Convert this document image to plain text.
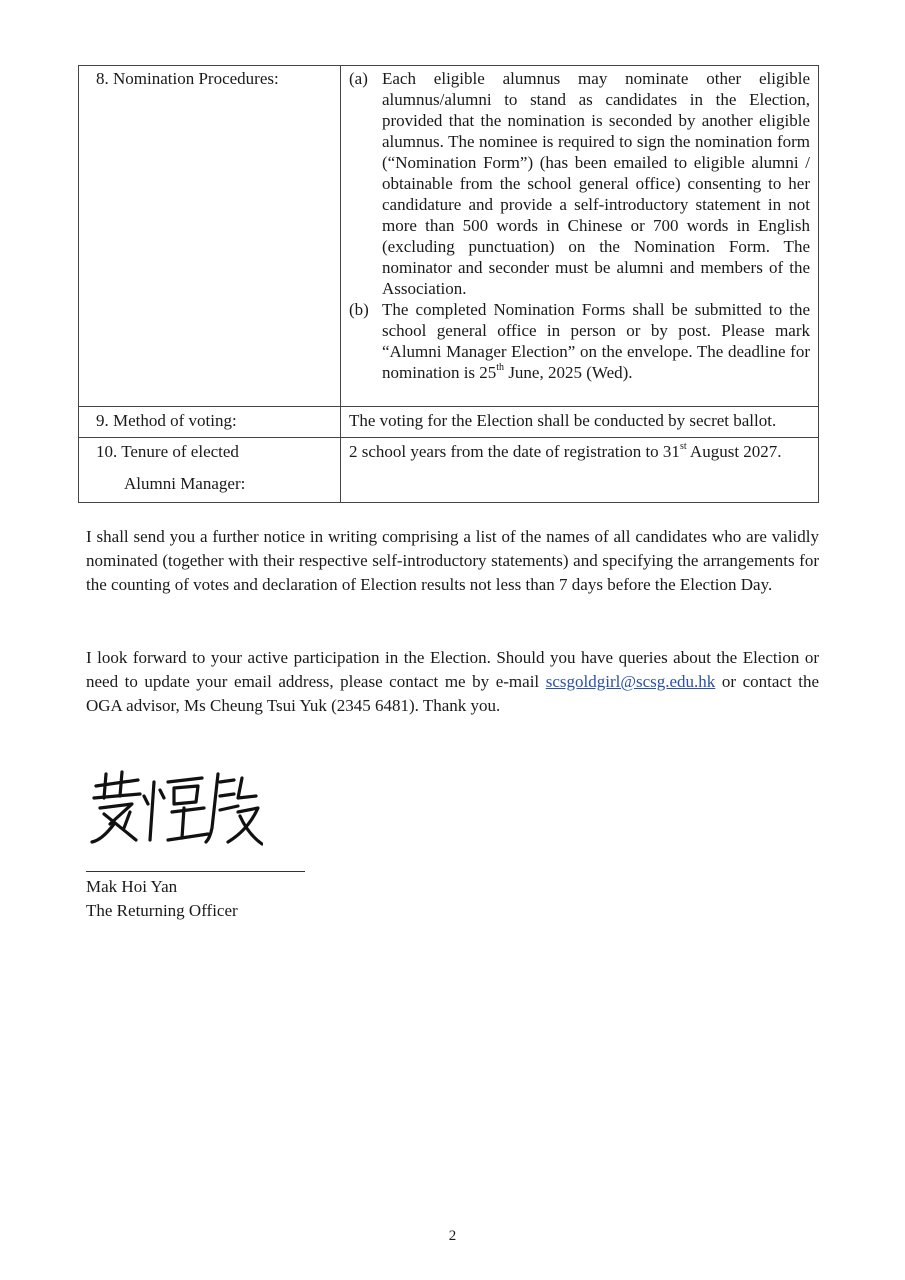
8. Nomination Procedures:	(a) Each eligible alumnus may nominate other eligible alumnus/alumni to stand as candidates in the Election, provided that the nomination is seconded by another eligible alumnus. The nominee is required to sign the nomination form (“Nomination Form”) (has been emailed to eligible alumni / obtainable from the school general office) consenting to her candidature and provide a self-introductory statement in not more than 500 words in Chinese or 700 words in English (excluding punctuation) on the Nomination Form. The nominator and seconder must be alumni and members of the Association.
(b) The completed Nomination Forms shall be submitted to the school general office in person or by post. Please mark “Alumni Manager Election” on the envelope. The deadline for nomination is 25th June, 2025 (Wed).

9. Method of voting:	The voting for the Election shall be conducted by secret ballot.
10. Tenure of elected
Alumni Manager:	2 school years from the date of registration to 31st August 2027.

I shall send you a further notice in writing comprising a list of the names of all candidates who are validly nominated (together with their respective self-introductory statements) and specifying the arrangements for the counting of votes and declaration of Election results not less than 7 days before the Election Day.

I look forward to your active participation in the Election. Should you have queries about the Election or need to update your email address, please contact me by e-mail scsgoldgirl@scsg.edu.hk or contact the OGA advisor, Ms Cheung Tsui Yuk (2345 6481). Thank you.

Mak Hoi Yan
The Returning Officer
2
